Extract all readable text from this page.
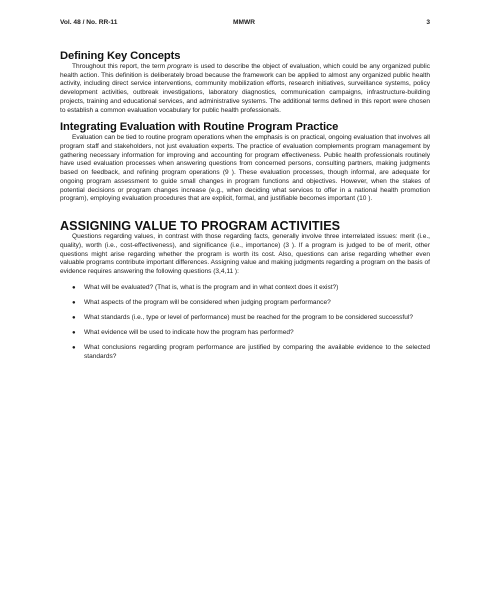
Vol. 48 / No. RR-11	MMWR	3
Defining Key Concepts

Throughout this report, the term program is used to describe the object of evaluation, which could be any organized public health action. This definition is deliberately broad because the framework can be applied to almost any organized public health activity, including direct service interventions, community mobilization efforts, research initiatives, surveillance systems, policy development activities, outbreak investigations, laboratory diagnostics, communication campaigns, infrastructure-building projects, training and educational services, and administrative systems. The additional terms defined in this report were chosen to establish a common evaluation vocabulary for public health professionals.

Integrating Evaluation with Routine Program Practice

Evaluation can be tied to routine program operations when the emphasis is on practical, ongoing evaluation that involves all program staff and stakeholders, not just evaluation experts. The practice of evaluation complements program management by gathering necessary information for improving and accounting for program effectiveness. Public health professionals routinely have used evaluation processes when answering questions from concerned persons, consulting partners, making judgments based on feedback, and refining program operations (9 ). These evaluation processes, though informal, are adequate for ongoing program assessment to guide small changes in program functions and objectives. However, when the stakes of potential decisions or program changes increase (e.g., when deciding what services to offer in a national health promotion program), employing evaluation procedures that are explicit, formal, and justifiable becomes important (10 ).

ASSIGNING VALUE TO PROGRAM ACTIVITIES

Questions regarding values, in contrast with those regarding facts, generally involve three interrelated issues: merit (i.e., quality), worth (i.e., cost-effectiveness), and significance (i.e., importance) (3 ). If a program is judged to be of merit, other questions might arise regarding whether the program is worth its cost. Also, questions can arise regarding whether even valuable programs contribute important differences. Assigning value and making judgments regarding a program on the basis of evidence requires answering the following questions (3,4,11 ):

● What will be evaluated? (That is, what is the program and in what context does it exist?)
● What aspects of the program will be considered when judging program performance?
● What standards (i.e., type or level of performance) must be reached for the program to be considered successful?
● What evidence will be used to indicate how the program has performed?
● What conclusions regarding program performance are justified by comparing the available evidence to the selected standards?
